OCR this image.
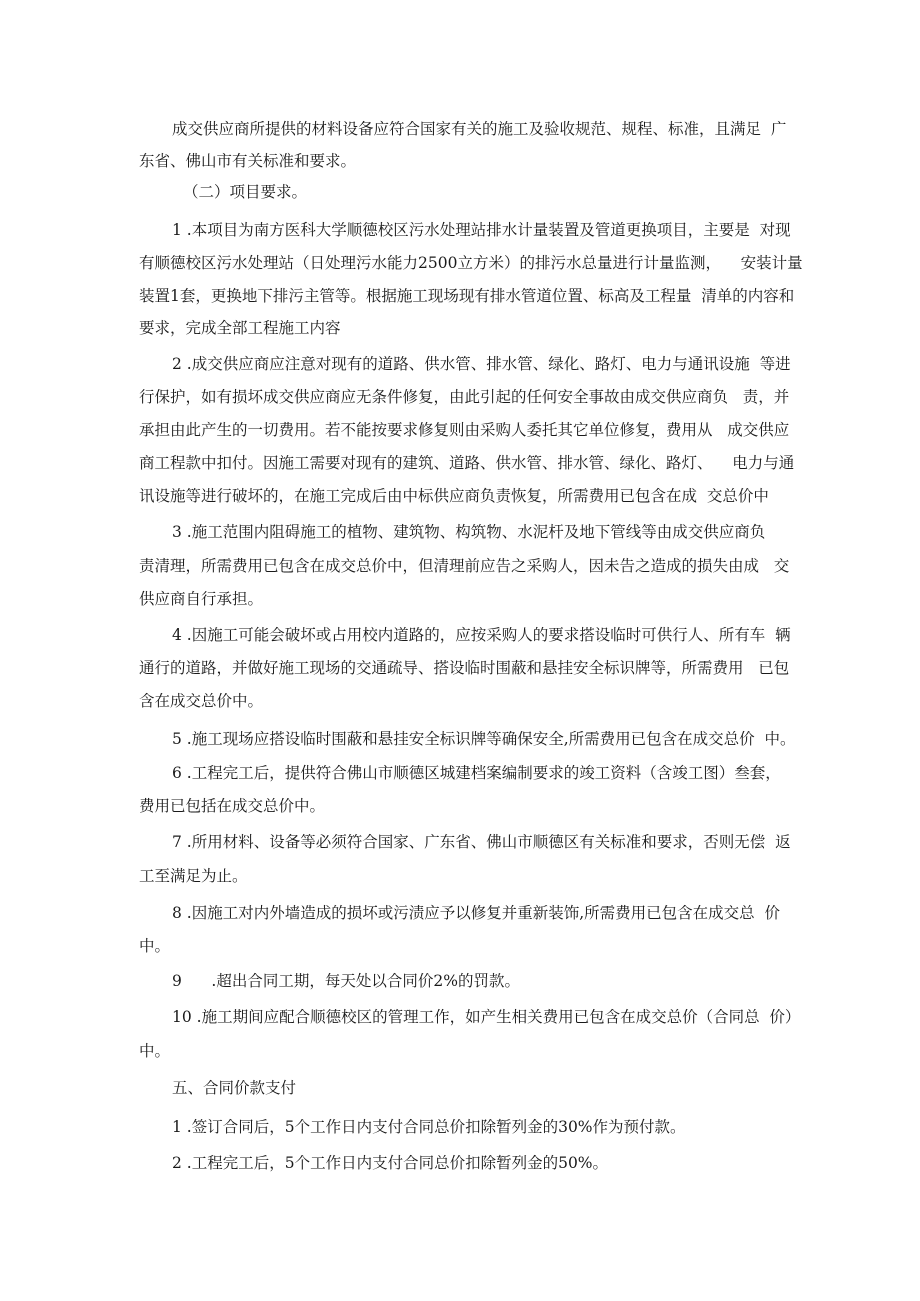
成交供应商所提供的材料设备应符合国家有关的施工及验收规范、规程、标准，且满足  广
东省、佛山市有关标准和要求。
（二）项目要求。
1 .本项目为南方医科大学顺德校区污水处理站排水计量装置及管道更换项目，主要是  对现
有顺德校区污水处理站（日处理污水能力2500立方米）的排污水总量进行计量监测，    安装计量
装置1套，更换地下排污主管等。根据施工现场现有排水管道位置、标高及工程量  清单的内容和
要求，完成全部工程施工内容
2 .成交供应商应注意对现有的道路、供水管、排水管、绿化、路灯、电力与通讯设施  等进
行保护，如有损坏成交供应商应无条件修复，由此引起的任何安全事故由成交供应商负   责，并
承担由此产生的一切费用。若不能按要求修复则由采购人委托其它单位修复，费用从   成交供应
商工程款中扣付。因施工需要对现有的建筑、道路、供水管、排水管、绿化、路灯、    电力与通
讯设施等进行破坏的，在施工完成后由中标供应商负责恢复，所需费用已包含在成  交总价中
3 .施工范围内阻碍施工的植物、建筑物、构筑物、水泥杆及地下管线等由成交供应商负
责清理，所需费用已包含在成交总价中，但清理前应告之采购人，因未告之造成的损失由成   交
供应商自行承担。
4 .因施工可能会破坏或占用校内道路的，应按采购人的要求搭设临时可供行人、所有车  辆
通行的道路，并做好施工现场的交通疏导、搭设临时围蔽和悬挂安全标识牌等，所需费用   已包
含在成交总价中。
5 .施工现场应搭设临时围蔽和悬挂安全标识牌等确保安全,所需费用已包含在成交总价  中。
6 .工程完工后，提供符合佛山市顺德区城建档案编制要求的竣工资料（含竣工图）叁套，
费用已包括在成交总价中。
7 .所用材料、设备等必须符合国家、广东省、佛山市顺德区有关标准和要求，否则无偿  返
工至满足为止。
8 .因施工对内外墙造成的损坏或污渍应予以修复并重新装饰,所需费用已包含在成交总  价
中。
9      .超出合同工期，每天处以合同价2%的罚款。
10 .施工期间应配合顺德校区的管理工作，如产生相关费用已包含在成交总价（合同总  价）
中。
五、合同价款支付
1 .签订合同后，5个工作日内支付合同总价扣除暂列金的30%作为预付款。
2 .工程完工后，5个工作日内支付合同总价扣除暂列金的50%。
